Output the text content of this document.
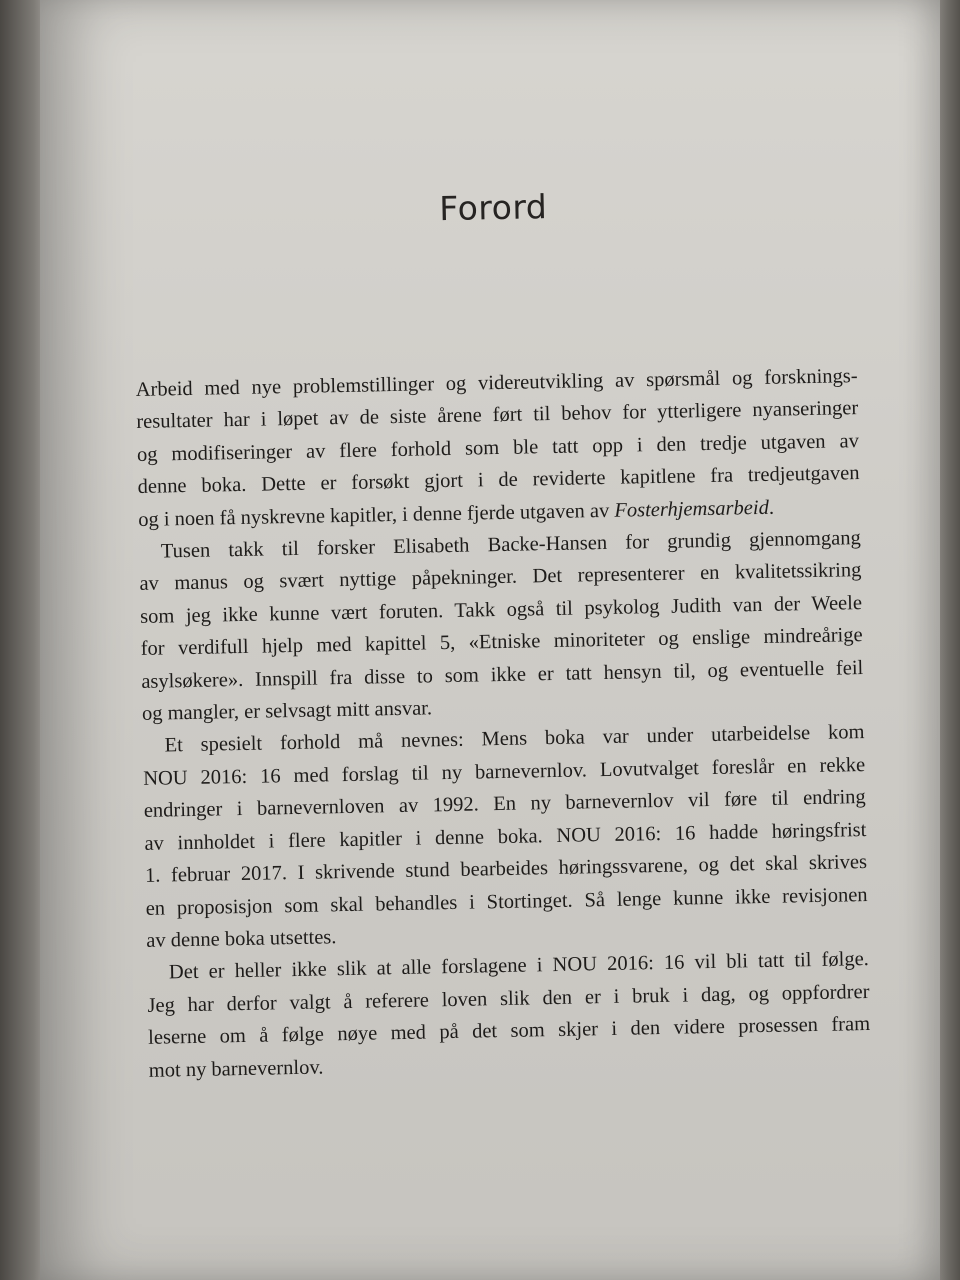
Forord
Arbeid med nye problemstillinger og videreutvikling av spørsmål og forsknings-
resultater har i løpet av de siste årene ført til behov for ytterligere nyanseringer
og modifiseringer av flere forhold som ble tatt opp i den tredje utgaven av
denne boka. Dette er forsøkt gjort i de reviderte kapitlene fra tredjeutgaven
og i noen få nyskrevne kapitler, i denne fjerde utgaven av Fosterhjemsarbeid.
Tusen takk til forsker Elisabeth Backe-Hansen for grundig gjennomgang
av manus og svært nyttige påpekninger. Det representerer en kvalitetssikring
som jeg ikke kunne vært foruten. Takk også til psykolog Judith van der Weele
for verdifull hjelp med kapittel 5, «Etniske minoriteter og enslige mindreårige
asylsøkere». Innspill fra disse to som ikke er tatt hensyn til, og eventuelle feil
og mangler, er selvsagt mitt ansvar.
Et spesielt forhold må nevnes: Mens boka var under utarbeidelse kom
NOU 2016: 16 med forslag til ny barnevernlov. Lovutvalget foreslår en rekke
endringer i barnevernloven av 1992. En ny barnevernlov vil føre til endring
av innholdet i flere kapitler i denne boka. NOU 2016: 16 hadde høringsfrist
1. februar 2017. I skrivende stund bearbeides høringssvarene, og det skal skrives
en proposisjon som skal behandles i Stortinget. Så lenge kunne ikke revisjonen
av denne boka utsettes.
Det er heller ikke slik at alle forslagene i NOU 2016: 16 vil bli tatt til følge.
Jeg har derfor valgt å referere loven slik den er i bruk i dag, og oppfordrer
leserne om å følge nøye med på det som skjer i den videre prosessen fram
mot ny barnevernlov.
